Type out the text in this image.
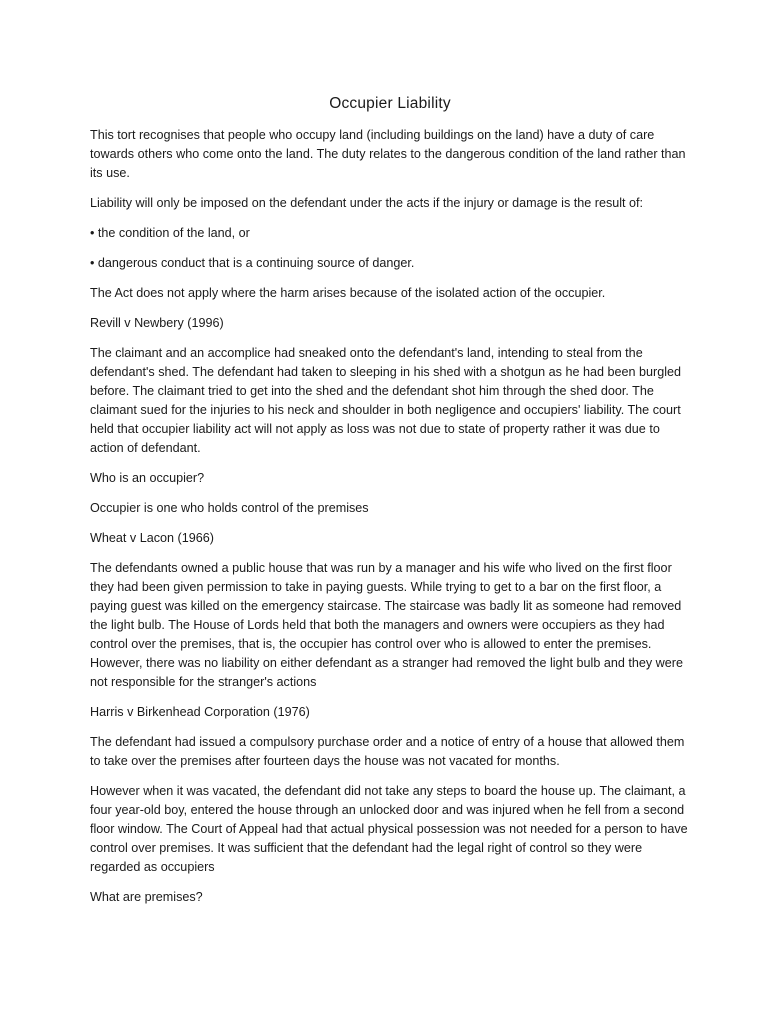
Occupier Liability

This tort recognises that people who occupy land (including buildings on the land) have a duty of care towards others who come onto the land. The duty relates to the dangerous condition of the land rather than its use.

Liability will only be imposed on the defendant under the acts if the injury or damage is the result of:

• the condition of the land, or

• dangerous conduct that is a continuing source of danger.

The Act does not apply where the harm arises because of the isolated action of the occupier.

Revill v Newbery (1996)

The claimant and an accomplice had sneaked onto the defendant's land, intending to steal from the defendant's shed. The defendant had taken to sleeping in his shed with a shotgun as he had been burgled before. The claimant tried to get into the shed and the defendant shot him through the shed door. The claimant sued for the injuries to his neck and shoulder in both negligence and occupiers' liability. The court held that occupier liability act will not apply as loss was not due to state of property rather it was due to action of defendant.

Who is an occupier?

Occupier is one who holds control of the premises

Wheat v Lacon (1966)

The defendants owned a public house that was run by a manager and his wife who lived on the first floor they had been given permission to take in paying guests. While trying to get to a bar on the first floor, a paying guest was killed on the emergency staircase. The staircase was badly lit as someone had removed the light bulb. The House of Lords held that both the managers and owners were occupiers as they had control over the premises, that is, the occupier has control over who is allowed to enter the premises. However, there was no liability on either defendant as a stranger had removed the light bulb and they were not responsible for the stranger's actions

Harris v Birkenhead Corporation (1976)

The defendant had issued a compulsory purchase order and a notice of entry of a house that allowed them to take over the premises after fourteen days the house was not vacated for months.

However when it was vacated, the defendant did not take any steps to board the house up. The claimant, a four year-old boy, entered the house through an unlocked door and was injured when he fell from a second floor window. The Court of Appeal had that actual physical possession was not needed for a person to have control over premises. It was sufficient that the defendant had the legal right of control so they were regarded as occupiers

What are premises?
